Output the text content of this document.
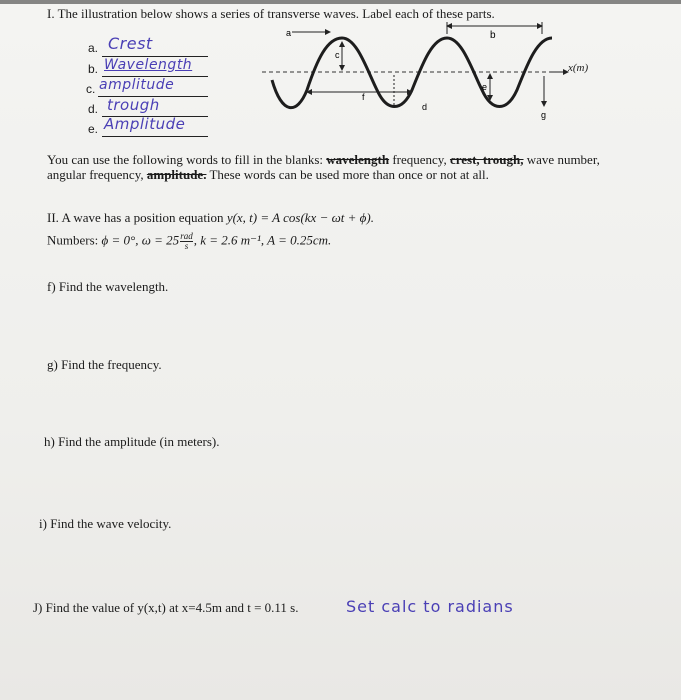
I. The illustration below shows a series of transverse waves. Label each of these parts.
a. Crest
b. Wavelength
c. amplitude
d. trough
e. Amplitude
a	b
c
d
e
f
g
x(m)
You can use the following words to fill in the blanks: wavelength frequency, crest, trough, wave number, angular frequency, amplitude. These words can be used more than once or not at all.
II. A wave has a position equation y(x, t) = A cos(kx − ωt + ϕ).
Numbers: ϕ = 0°, ω = 25 rad
s , k = 2.6 m⁻¹, A = 0.25cm.
f) Find the wavelength.
g) Find the frequency.
h) Find the amplitude (in meters).
i) Find the wave velocity.
J) Find the value of y(x,t) at x=4.5m and t = 0.11 s.	Set calc to radians
